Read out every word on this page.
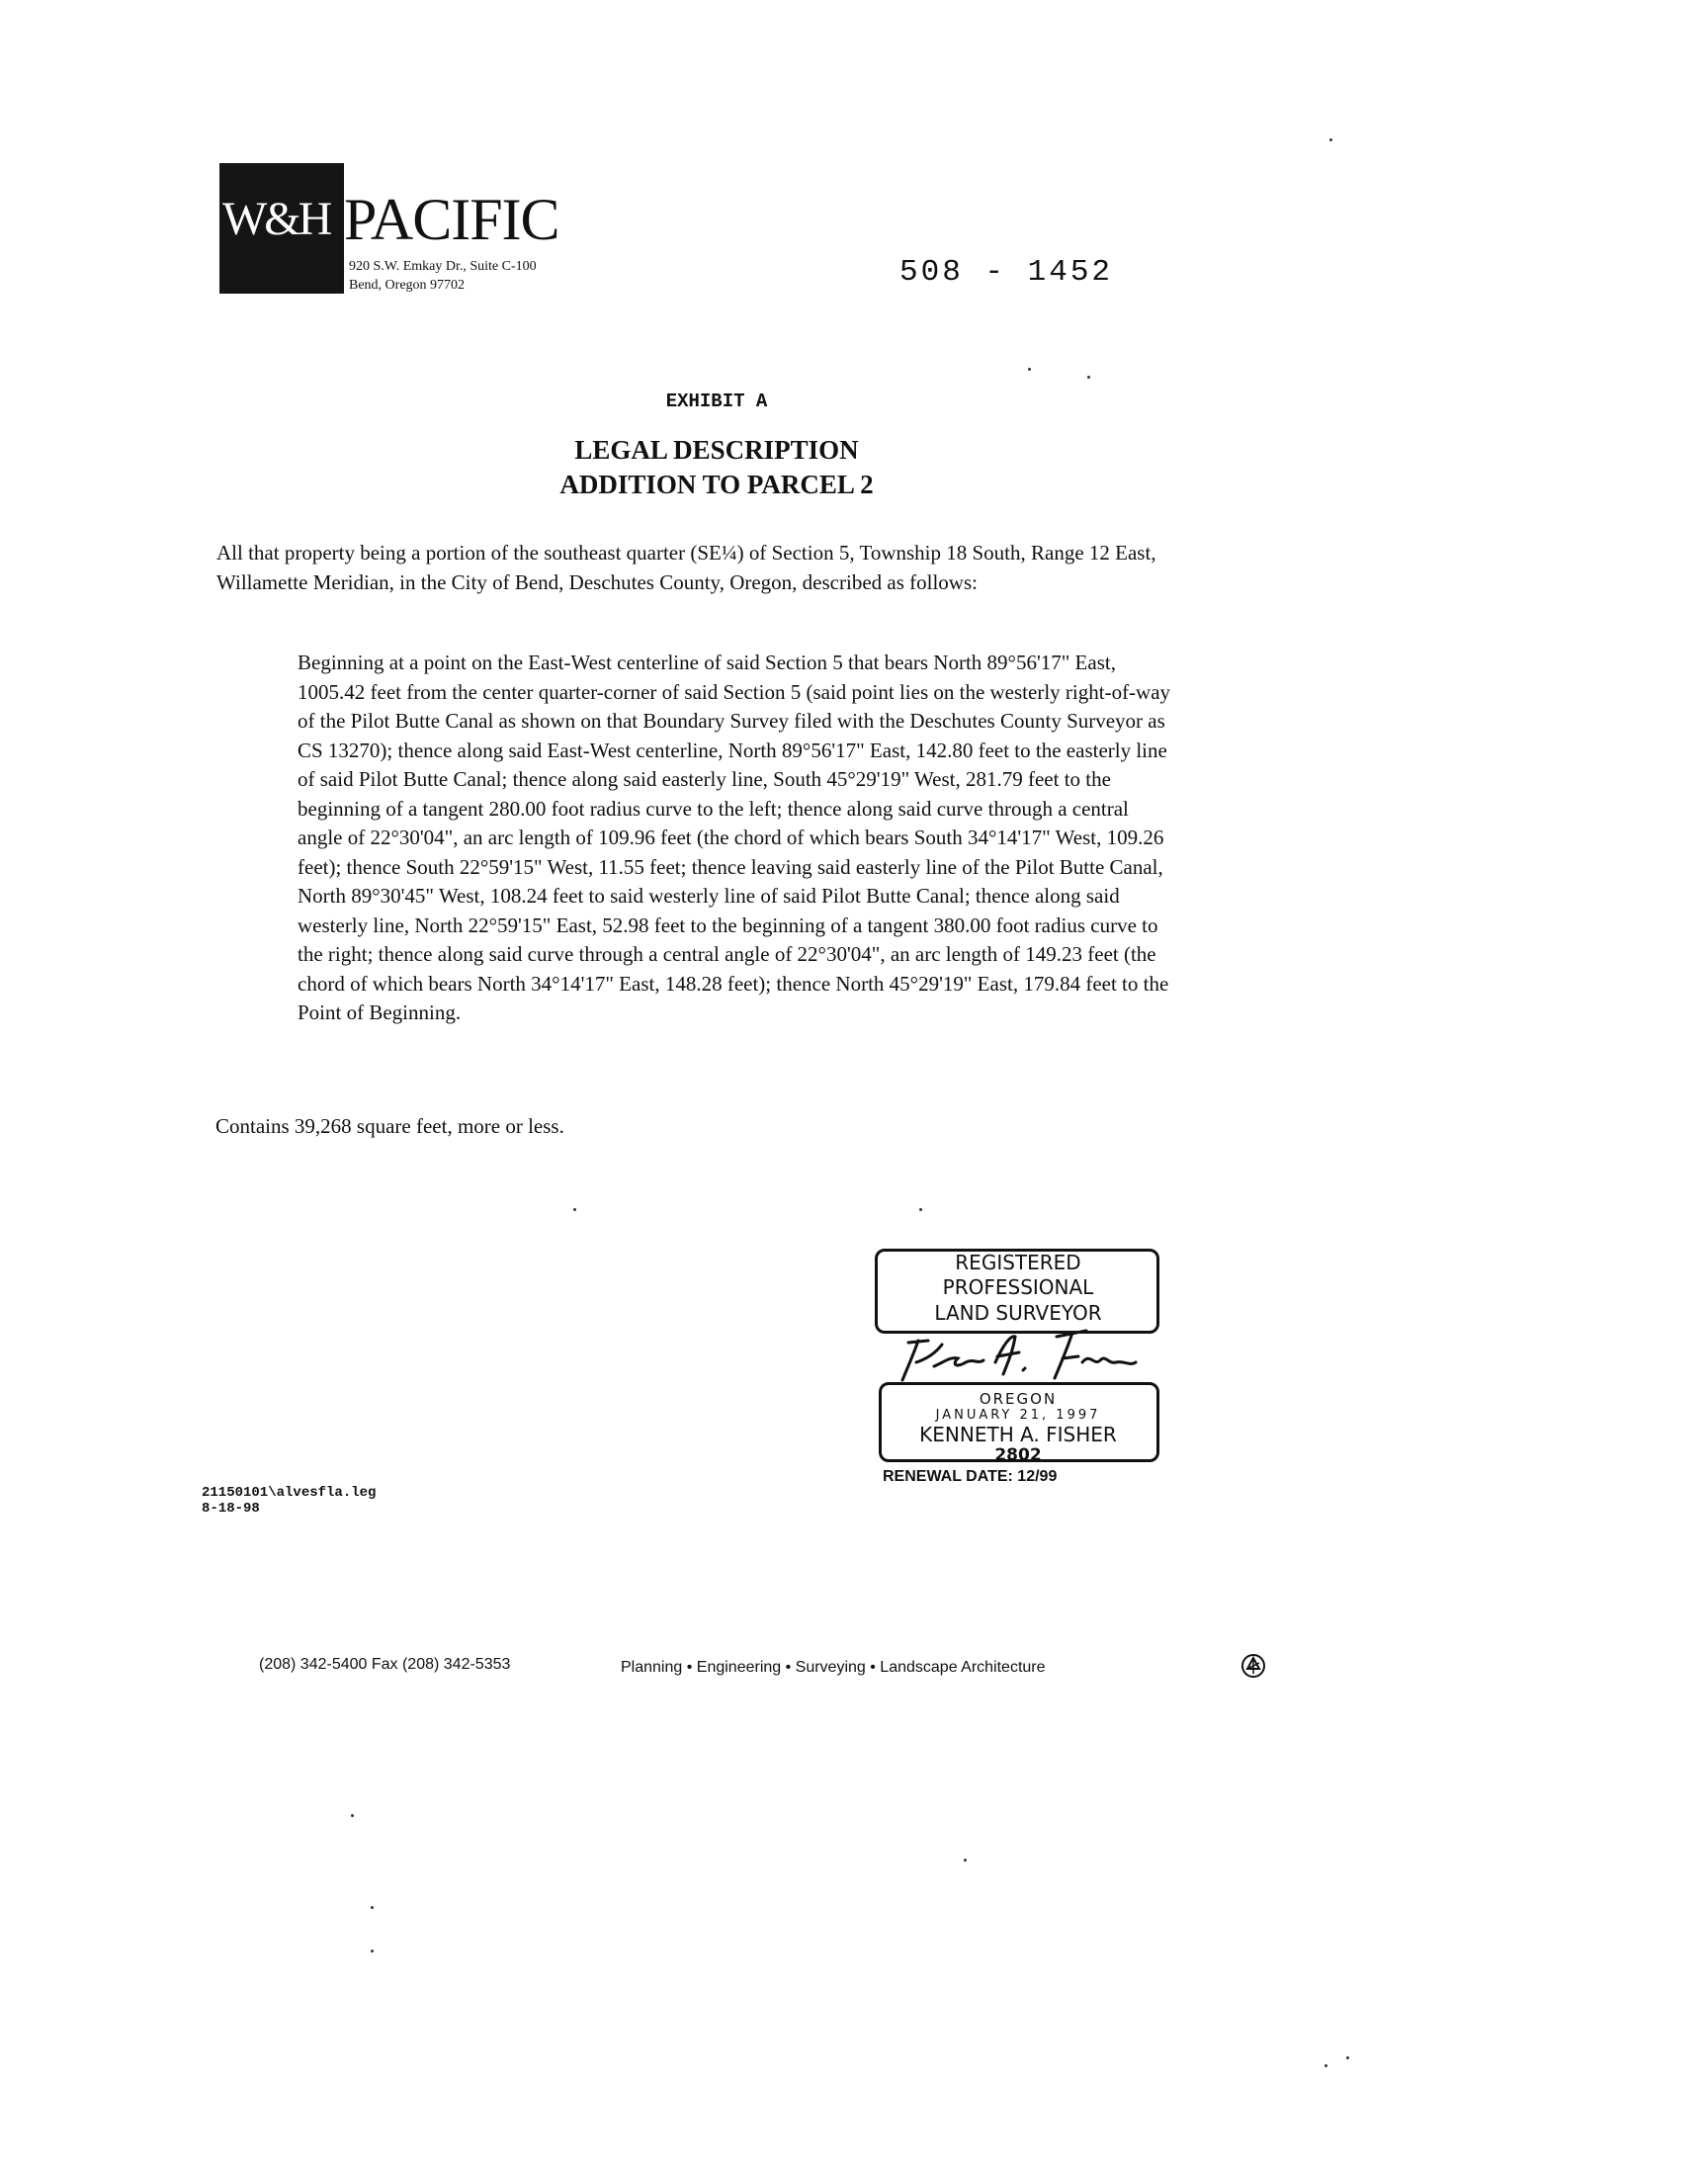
W&H PACIFIC
920 S.W. Emkay Dr., Suite C-100
Bend, Oregon 97702	508 - 1452
EXHIBIT A
LEGAL DESCRIPTION
ADDITION TO PARCEL 2

All that property being a portion of the southeast quarter (SE¼) of Section 5, Township 18 South, Range 12 East, Willamette Meridian, in the City of Bend, Deschutes County, Oregon, described as follows:

Beginning at a point on the East-West centerline of said Section 5 that bears North 89°56'17" East, 1005.42 feet from the center quarter-corner of said Section 5 (said point lies on the westerly right-of-way of the Pilot Butte Canal as shown on that Boundary Survey filed with the Deschutes County Surveyor as CS 13270); thence along said East-West centerline, North 89°56'17" East, 142.80 feet to the easterly line of said Pilot Butte Canal; thence along said easterly line, South 45°29'19" West, 281.79 feet to the beginning of a tangent 280.00 foot radius curve to the left; thence along said curve through a central angle of 22°30'04", an arc length of 109.96 feet (the chord of which bears South 34°14'17" West, 109.26 feet); thence South 22°59'15" West, 11.55 feet; thence leaving said easterly line of the Pilot Butte Canal, North 89°30'45" West, 108.24 feet to said westerly line of said Pilot Butte Canal; thence along said westerly line, North 22°59'15" East, 52.98 feet to the beginning of a tangent 380.00 foot radius curve to the right; thence along said curve through a central angle of 22°30'04", an arc length of 149.23 feet (the chord of which bears North 34°14'17" East, 148.28 feet); thence North 45°29'19" East, 179.84 feet to the Point of Beginning.

Contains 39,268 square feet, more or less.

REGISTERED
PROFESSIONAL
LAND SURVEYOR
OREGON
JANUARY 21, 1997
KENNETH A. FISHER
2802
RENEWAL DATE: 12/99
21150101\alvesfla.leg
8-18-98
(208) 342-5400 Fax (208) 342-5353	Planning • Engineering • Surveying • Landscape Architecture
